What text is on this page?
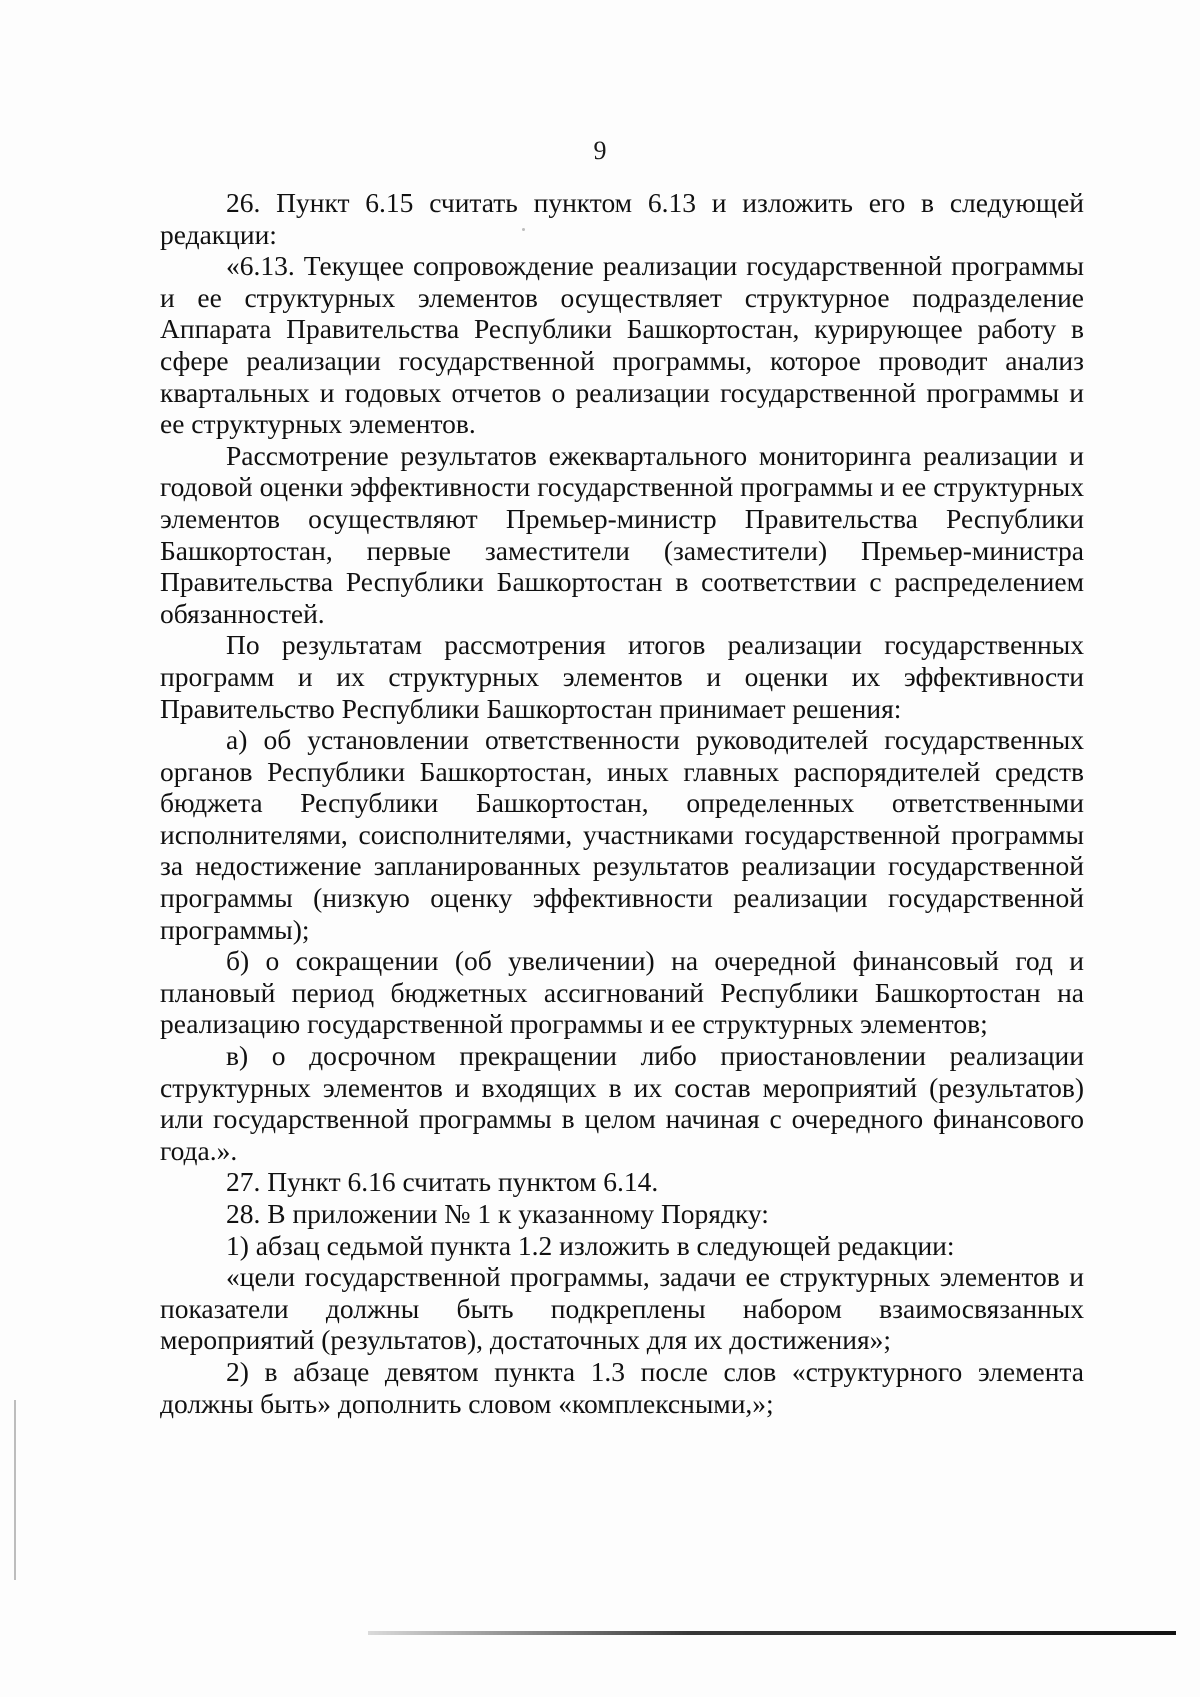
9

26. Пункт 6.15 считать пунктом 6.13 и изложить его в следующей редакции:

«6.13. Текущее сопровождение реализации государственной программы и ее структурных элементов осуществляет структурное подразделение Аппарата Правительства Республики Башкортостан, курирующее работу в сфере реализации государственной программы, которое проводит анализ квартальных и годовых отчетов о реализации государственной программы и ее структурных элементов.

Рассмотрение результатов ежеквартального мониторинга реализации и годовой оценки эффективности государственной программы и ее структурных элементов осуществляют Премьер-министр Правительства Республики Башкортостан, первые заместители (заместители) Премьер-министра Правительства Республики Башкортостан в соответствии с распределением обязанностей.

По результатам рассмотрения итогов реализации государственных программ и их структурных элементов и оценки их эффективности Правительство Республики Башкортостан принимает решения:

а) об установлении ответственности руководителей государственных органов Республики Башкортостан, иных главных распорядителей средств бюджета Республики Башкортостан, определенных ответственными исполнителями, соисполнителями, участниками государственной программы за недостижение запланированных результатов реализации государственной программы (низкую оценку эффективности реализации государственной программы);

б) о сокращении (об увеличении) на очередной финансовый год и плановый период бюджетных ассигнований Республики Башкортостан на реализацию государственной программы и ее структурных элементов;

в) о досрочном прекращении либо приостановлении реализации структурных элементов и входящих в их состав мероприятий (результатов) или государственной программы в целом начиная с очередного финансового года.».

27. Пункт 6.16 считать пунктом 6.14.

28. В приложении № 1 к указанному Порядку:

1) абзац седьмой пункта 1.2 изложить в следующей редакции:

«цели государственной программы, задачи ее структурных элементов и показатели должны быть подкреплены набором взаимосвязанных мероприятий (результатов), достаточных для их достижения»;

2) в абзаце девятом пункта 1.3 после слов «структурного элемента должны быть» дополнить словом «комплексными,»;
